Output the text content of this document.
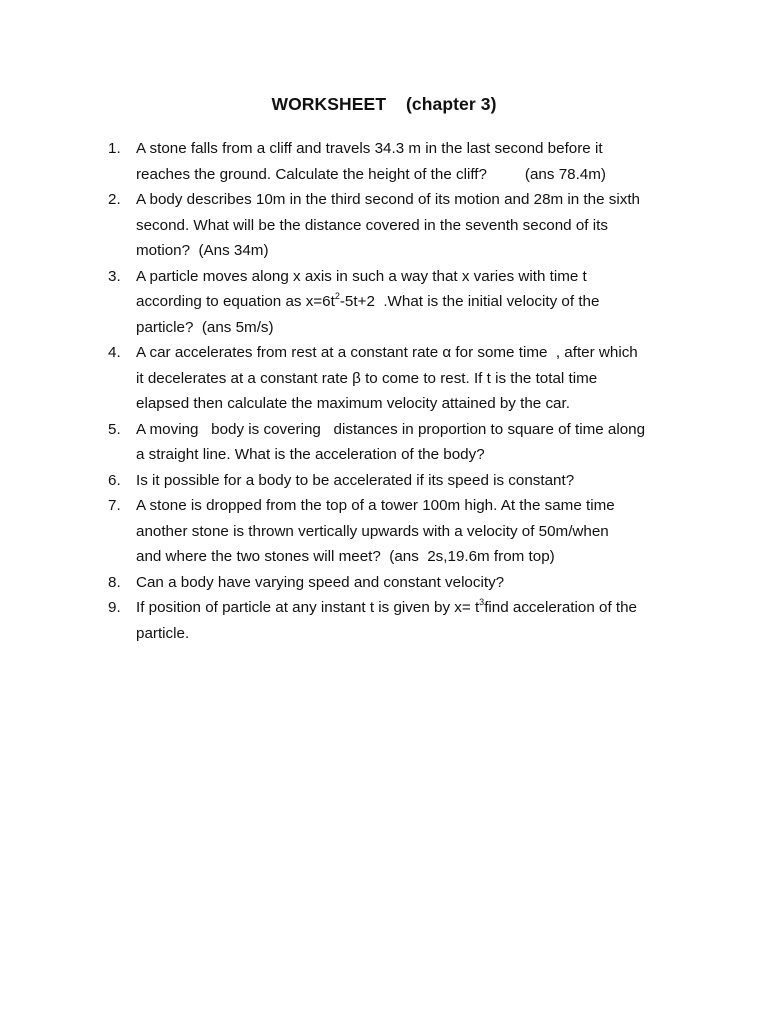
WORKSHEET    (chapter 3)
1.	A stone falls from a cliff and travels 34.3 m in the last second before it
reaches the ground. Calculate the height of the cliff?         (ans 78.4m)
2.	A body describes 10m in the third second of its motion and 28m in the sixth
second. What will be the distance covered in the seventh second of its
motion?  (Ans 34m)
3.	A particle moves along x axis in such a way that x varies with time t
according to equation as $x=6t^2-5t+2$  .What is the initial velocity of the
particle?  (ans 5m/s)
4.	A car accelerates from rest at a constant rate α for some time  , after which
it decelerates at a constant rate β to come to rest. If t is the total time
elapsed then calculate the maximum velocity attained by the car.
5.	A moving   body is covering   distances in proportion to square of time along
a straight line. What is the acceleration of the body?
6.	Is it possible for a body to be accelerated if its speed is constant?
7.	A stone is dropped from the top of a tower 100m high. At the same time
another stone is thrown vertically upwards with a velocity of 50m/when
and where the two stones will meet?  (ans  2s,19.6m from top)
8.	Can a body have varying speed and constant velocity?
9.	If position of particle at any instant t is given by $x= t^3find$ acceleration of the
particle.
